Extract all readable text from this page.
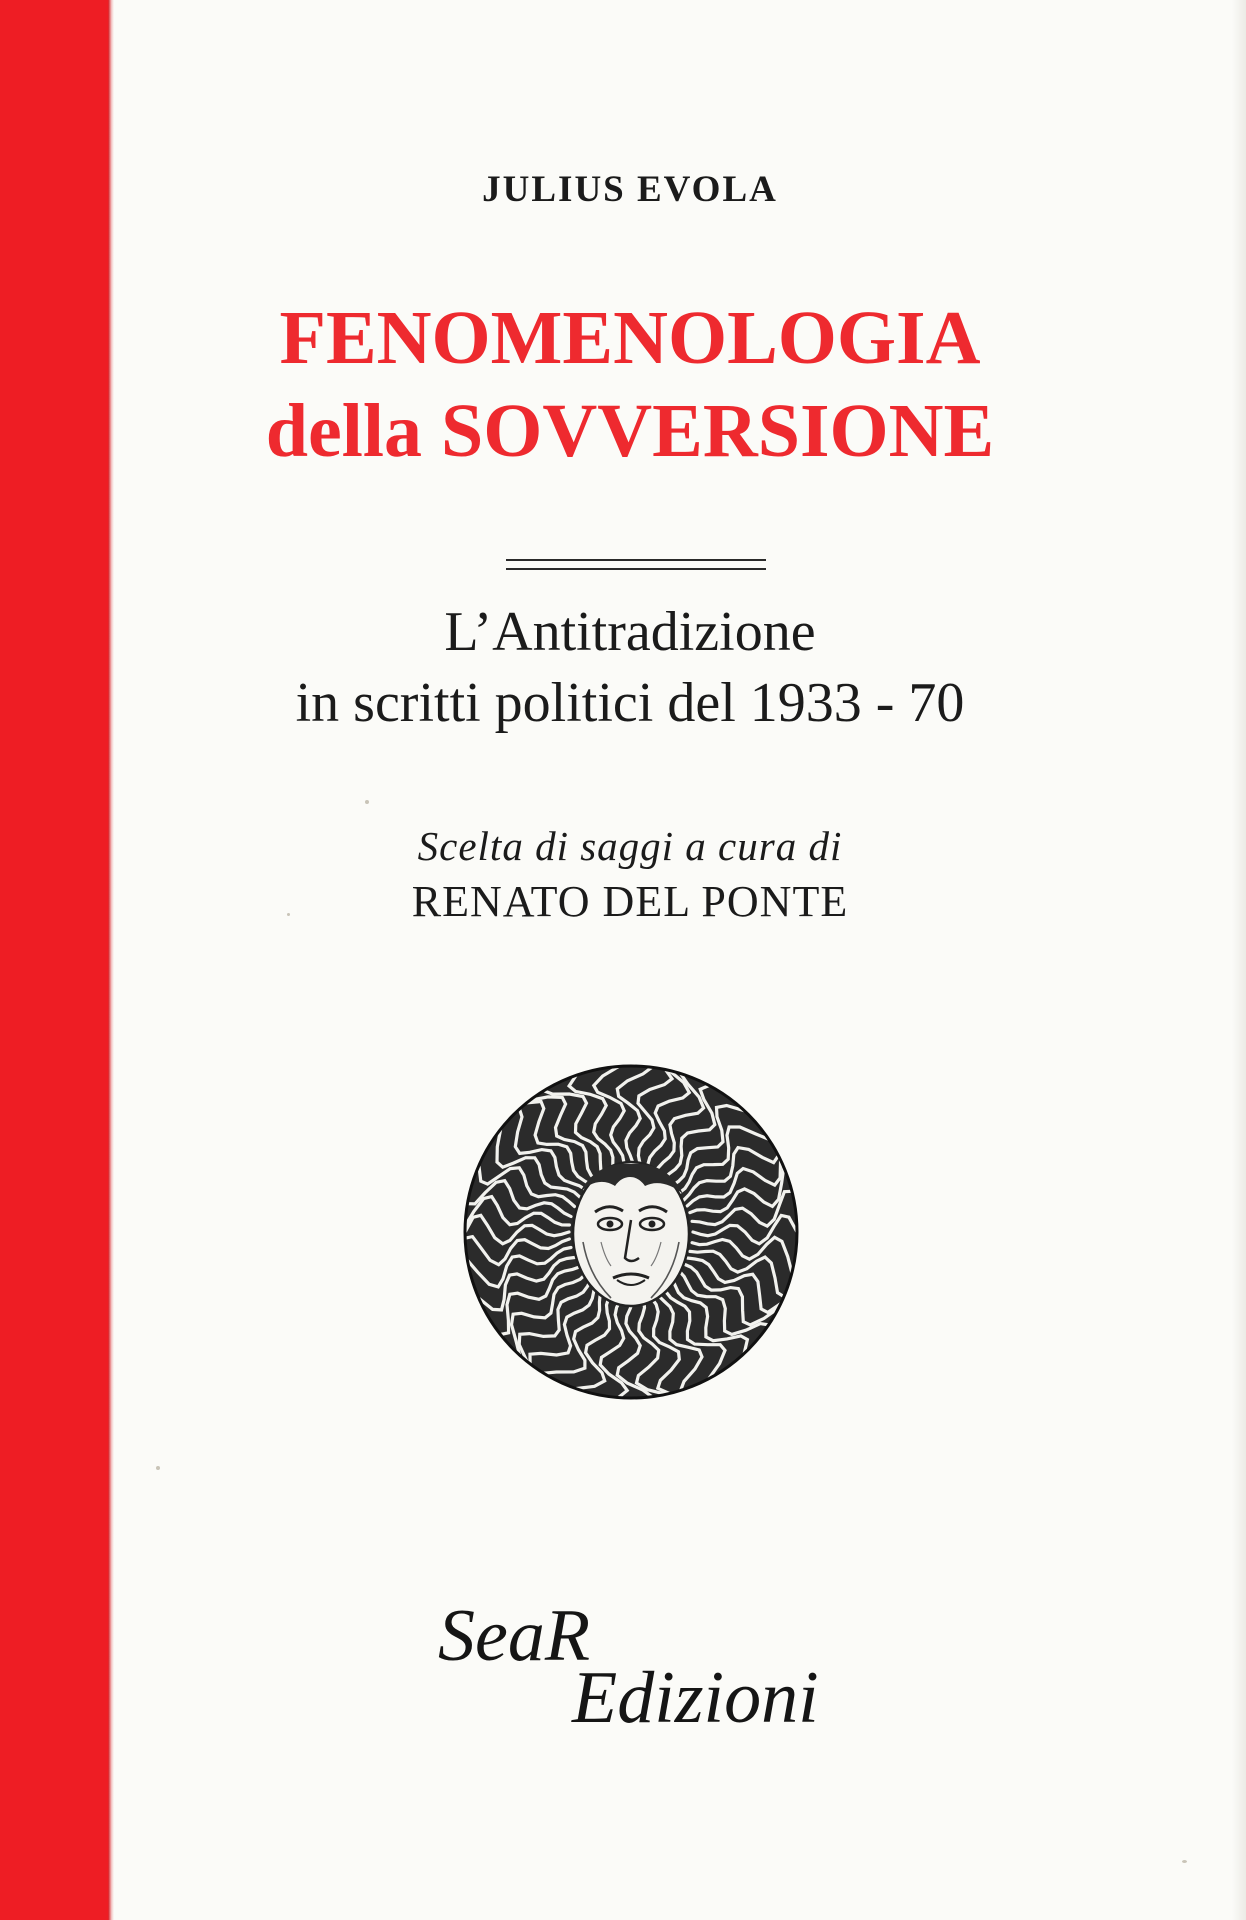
JULIUS EVOLA
FENOMENOLOGIA
della SOVVERSIONE
L’Antitradizione
in scritti politici del 1933 - 70
Scelta di saggi a cura di
RENATO DEL PONTE
SeaR
Edizioni
